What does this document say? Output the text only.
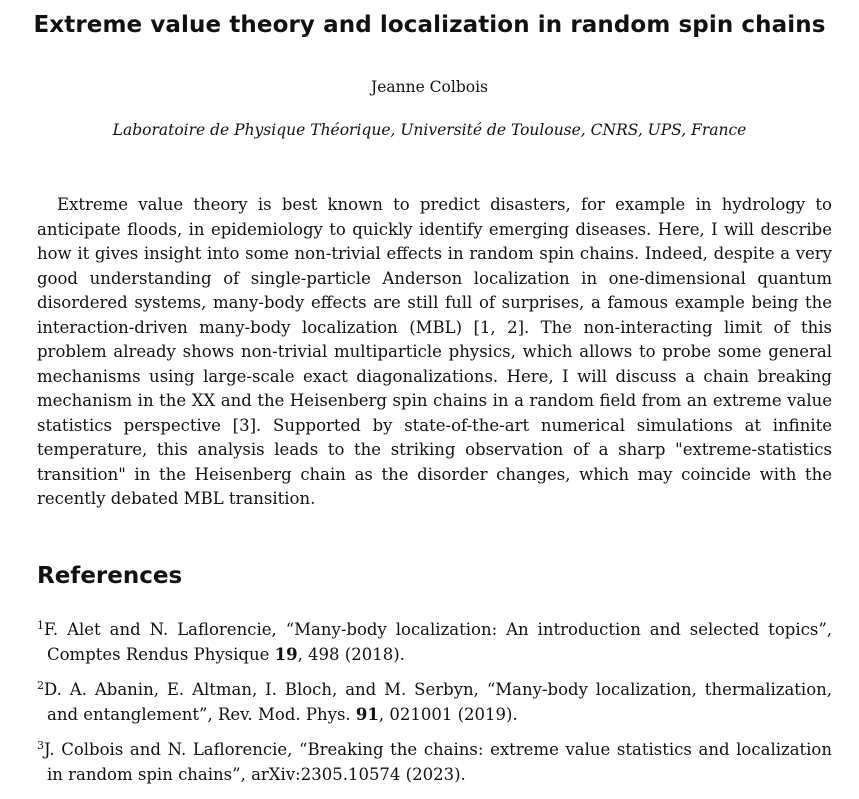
Extreme value theory and localization in random spin chains
Jeanne Colbois
Laboratoire de Physique Théorique, Université de Toulouse, CNRS, UPS, France

Extreme value theory is best known to predict disasters, for example in hydrology to anticipate floods, in epidemiology to quickly identify emerging diseases. Here, I will describe how it gives insight into some non-trivial effects in random spin chains. Indeed, despite a very good understanding of single-particle Anderson localization in one-dimensional quantum disordered systems, many-body effects are still full of surprises, a famous example being the interaction-driven many-body localization (MBL) [1, 2]. The non-interacting limit of this problem already shows non-trivial multiparticle physics, which allows to probe some general mechanisms using large-scale exact diagonalizations. Here, I will discuss a chain breaking mechanism in the XX and the Heisenberg spin chains in a random field from an extreme value statistics perspective [3]. Supported by state-of-the-art numerical simulations at infinite temperature, this analysis leads to the striking observation of a sharp "extreme-statistics transition" in the Heisenberg chain as the disorder changes, which may coincide with the recently debated MBL transition.

References
$^1$F. Alet and N. Laflorencie, “Many-body localization: An introduction and selected topics”, Comptes Rendus Physique 19, 498 (2018).
$^2$D. A. Abanin, E. Altman, I. Bloch, and M. Serbyn, “Many-body localization, thermalization, and entanglement”, Rev. Mod. Phys. 91, 021001 (2019).
$^3$J. Colbois and N. Laflorencie, “Breaking the chains: extreme value statistics and localization in random spin chains”, arXiv:2305.10574 (2023).
